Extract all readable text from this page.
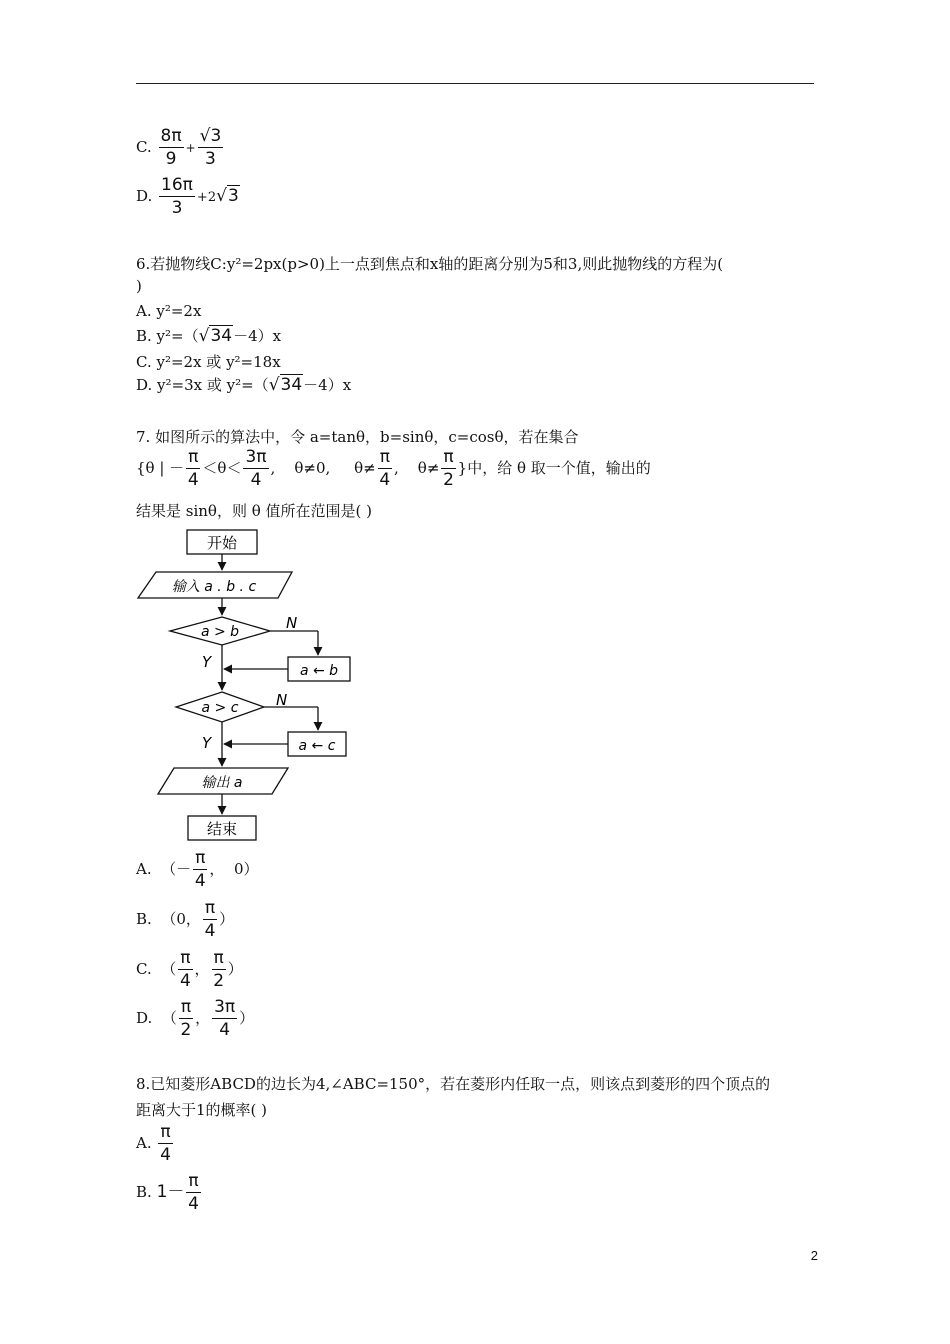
C. $\frac{8\pi}{9} + \frac{√3}{3}$
D. $\frac{16\pi}{3} +2√3$
6.若抛物线C:y²=2px(p>0)上一点到焦点和x轴的距离分别为5和3,则此抛物线的方程为(
)
A. y²=2x
B. y²=（√34－4）x
C. y²=2x 或 y²=18x
D. y²=3x 或 y²=（√34－4）x
7. 如图所示的算法中，令 a=tanθ，b=sinθ，c=cosθ，若在集合
{θ | － $\frac{\pi}{4} <\theta< \frac{3\pi}{4}$ ,    θ≠0,     $\theta\ne \frac{\pi}{4}$ ,    $\theta\ne \frac{\pi}{2}$ }中，给 θ 取一个值，输出的
结果是 sinθ，则 θ 值所在范围是( )
开始
输入 a . b . c
a > b	N
a ← b
Y
a > c	N
a ← c
Y
输出 a
结束
A. （－ $\frac{\pi}{4}$ ，  0）
B. （0， $\frac{\pi}{4}$ ）
C. （ $\frac{\pi}{4}$ ， $\frac{\pi}{2}$ ）
D. （ $\frac{\pi}{2}$ ， $\frac{3\pi}{4}$ ）
8.已知菱形ABCD的边长为4,∠ABC=150°，若在菱形内任取一点，则该点到菱形的四个顶点的
距离大于1的概率( )
A. $\frac{\pi}{4}$
B. $1- \frac{\pi}{4}$
2
